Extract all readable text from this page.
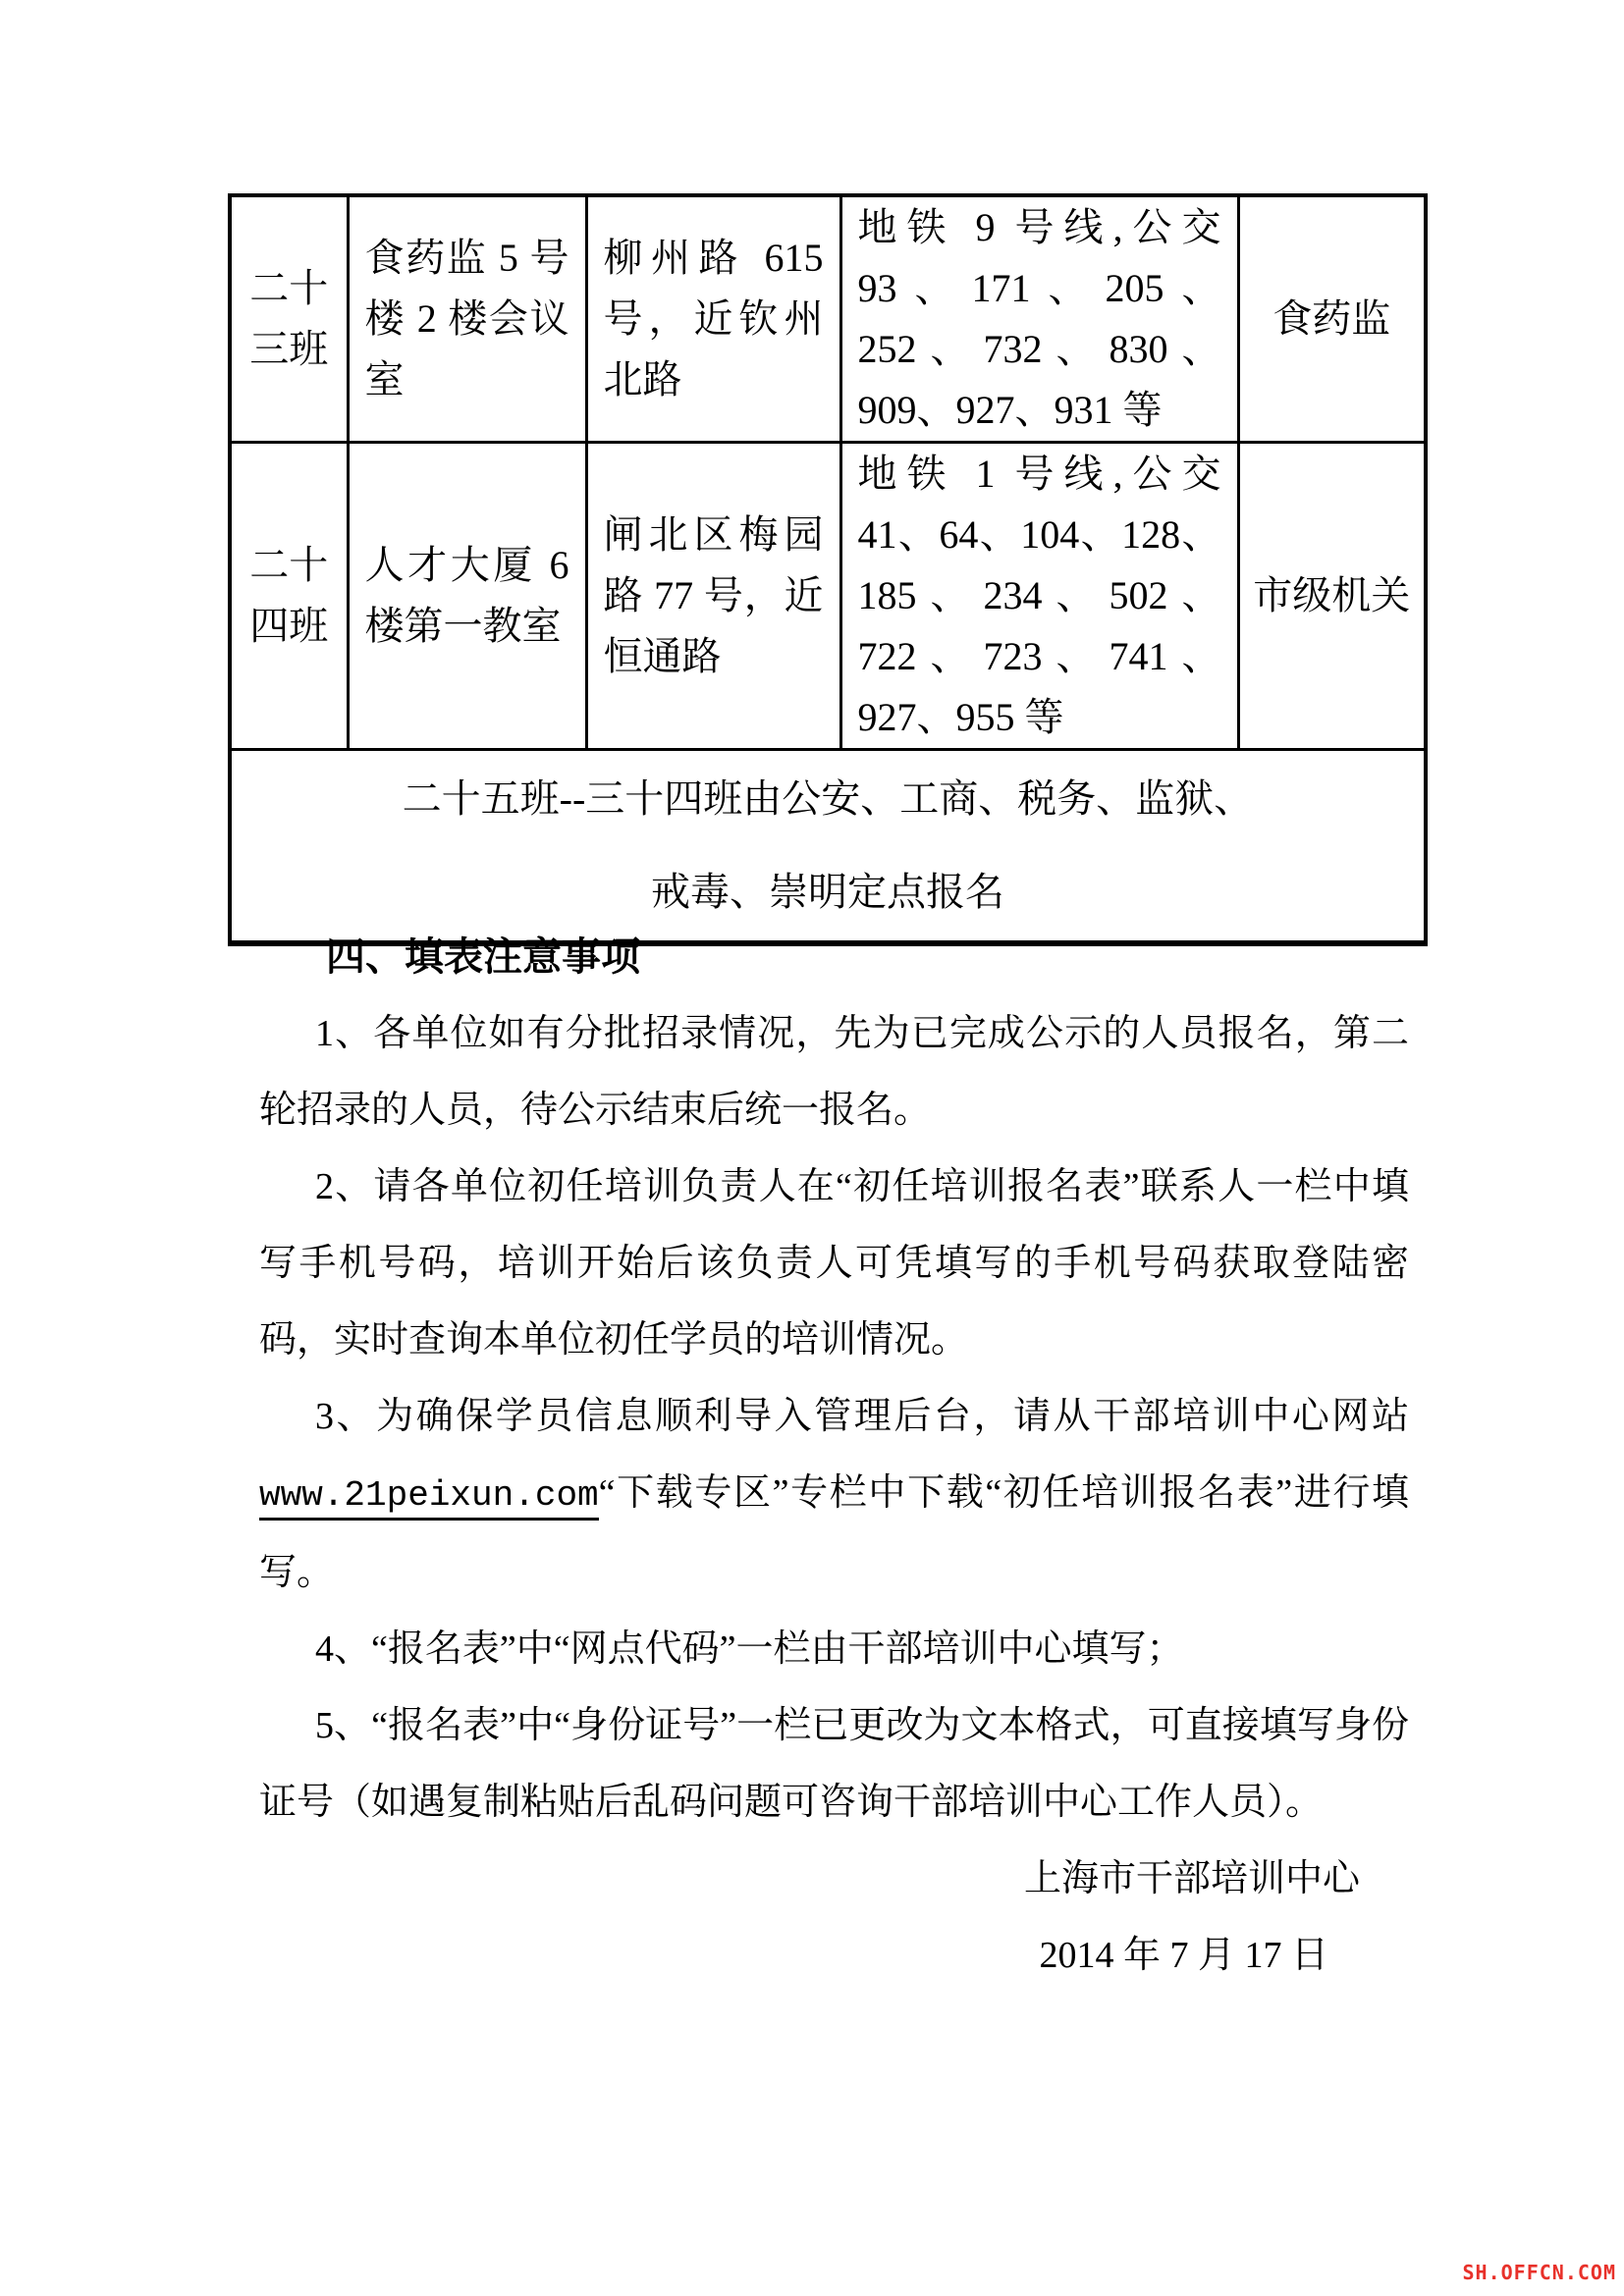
二十三班	食药监 5 号楼 2 楼会议室	柳州路 615 号，近钦州北路	地铁 9 号线,公交 93、171、205、252、732、830、909、927、931 等	食药监
二十四班	人才大厦 6 楼第一教室	闸北区梅园路 77 号，近恒通路	地铁 1 号线,公交 41、64、104、128、185、234、502、722、723、741、927、955 等	市级机关

二十五班--三十四班由公安、工商、税务、监狱、
戒毒、崇明定点报名				

四、填表注意事项

1、各单位如有分批招录情况，先为已完成公示的人员报名，第二轮招录的人员，待公示结束后统一报名。

2、请各单位初任培训负责人在“初任培训报名表”联系人一栏中填写手机号码，培训开始后该负责人可凭填写的手机号码获取登陆密码，实时查询本单位初任学员的培训情况。

3、为确保学员信息顺利导入管理后台，请从干部培训中心网站www.21peixun.com“下载专区”专栏中下载“初任培训报名表”进行填写。

4、“报名表”中“网点代码”一栏由干部培训中心填写；

5、“报名表”中“身份证号”一栏已更改为文本格式，可直接填写身份证号（如遇复制粘贴后乱码问题可咨询干部培训中心工作人员）。

上海市干部培训中心
2014 年 7 月 17 日
SH.OFFCN.COM
